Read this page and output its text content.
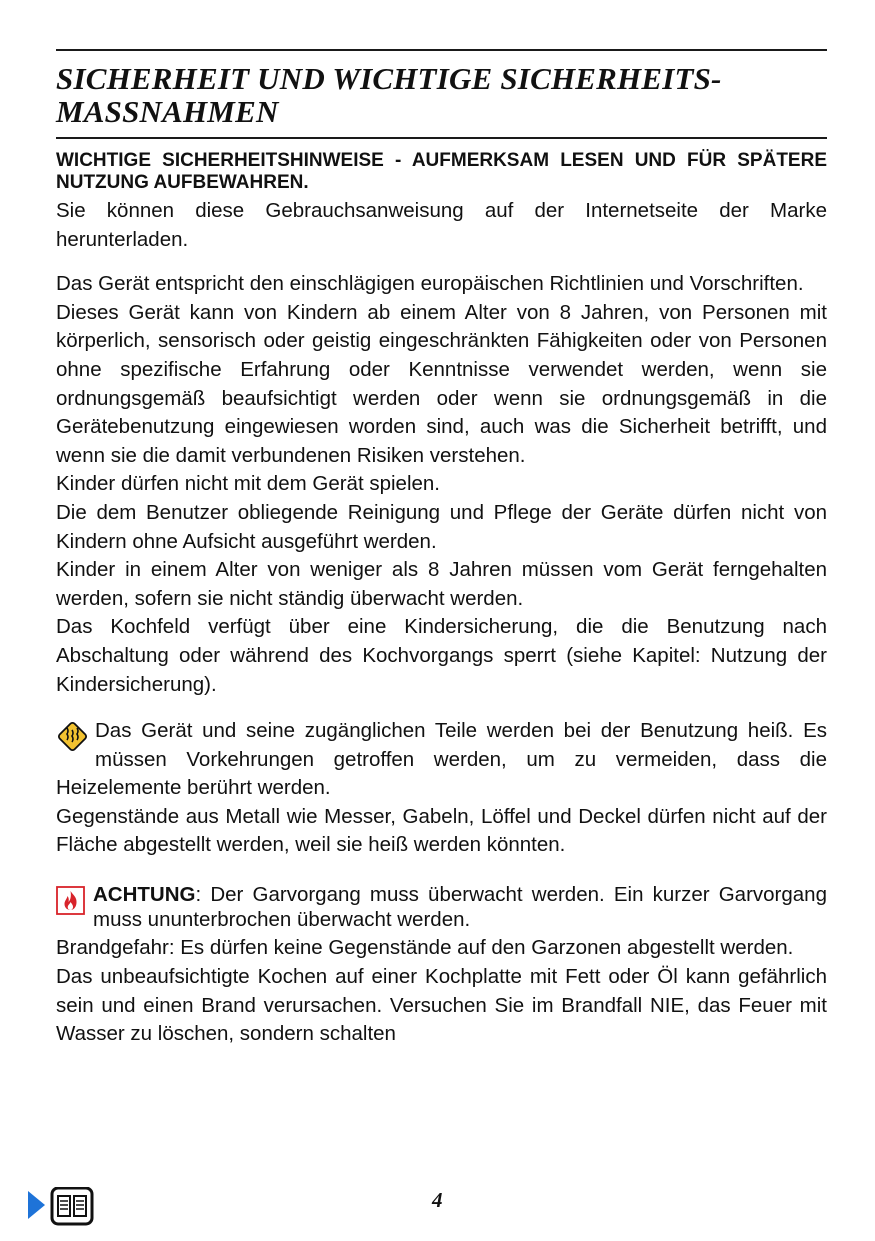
SICHERHEIT UND WICHTIGE SICHERHEITS-
MASSNAHMEN

WICHTIGE SICHERHEITSHINWEISE - AUFMERKSAM LESEN UND FÜR SPÄTERE NUTZUNG AUFBEWAHREN.

Sie können diese Gebrauchsanweisung auf der Internetseite der Marke herunterladen.

Das Gerät entspricht den einschlägigen europäischen Richtlinien und Vorschriften.

Dieses Gerät kann von Kindern ab einem Alter von 8 Jahren, von Personen mit körperlich, sensorisch oder geistig eingeschränkten Fähigkeiten oder von Personen ohne spezifische Erfahrung oder Kenntnisse verwendet werden, wenn sie ordnungsgemäß beaufsichtigt werden oder wenn sie ordnungsgemäß in die Gerätebenutzung eingewiesen worden sind, auch was die Sicherheit betrifft, und wenn sie die damit verbundenen Risiken verstehen.

Kinder dürfen nicht mit dem Gerät spielen.

Die dem Benutzer obliegende Reinigung und Pflege der Geräte dürfen nicht von Kindern ohne Aufsicht ausgeführt werden.

Kinder in einem Alter von weniger als 8 Jahren müssen vom Gerät ferngehalten werden, sofern sie nicht ständig überwacht werden.

Das Kochfeld verfügt über eine Kindersicherung, die die Benutzung nach Abschaltung oder während des Kochvorgangs sperrt (siehe Kapitel: Nutzung der Kindersicherung).

Das Gerät und seine zugänglichen Teile werden bei der Benutzung heiß. Es müssen Vorkehrungen getroffen werden, um zu vermeiden, dass die Heizelemente berührt werden.

Gegenstände aus Metall wie Messer, Gabeln, Löffel und Deckel dürfen nicht auf der Fläche abgestellt werden, weil sie heiß werden könnten.

ACHTUNG: Der Garvorgang muss überwacht werden. Ein kurzer Garvorgang muss ununterbrochen überwacht werden.

Brandgefahr: Es dürfen keine Gegenstände auf den Garzonen abgestellt werden.

Das unbeaufsichtigte Kochen auf einer Kochplatte mit Fett oder Öl kann gefährlich sein und einen Brand verursachen. Versuchen Sie im Brandfall NIE, das Feuer mit Wasser zu löschen, sondern schalten

4
